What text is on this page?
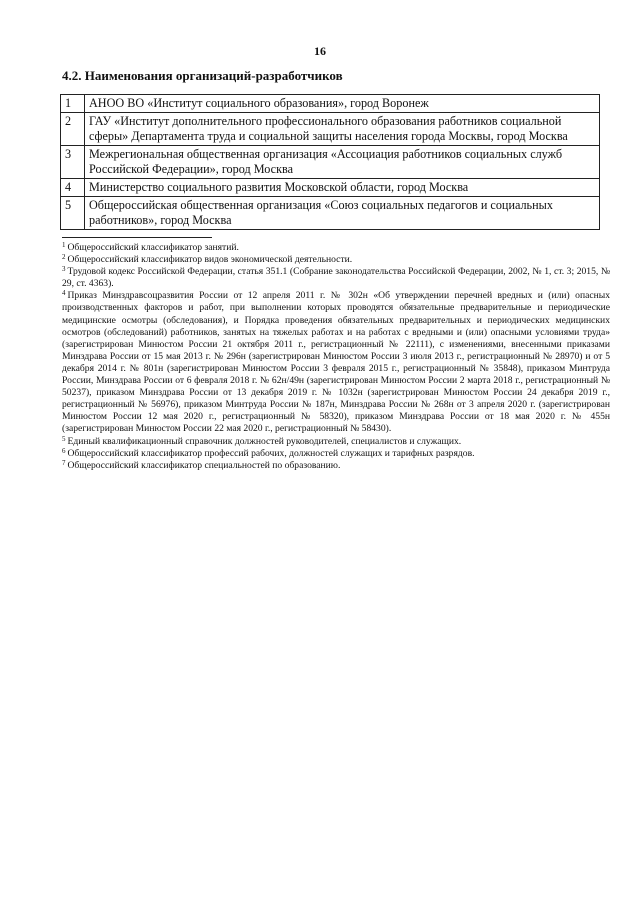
16
4.2. Наименования организаций-разработчиков
1	АНОО ВО «Институт социального образования», город Воронеж
2	ГАУ «Институт дополнительного профессионального образования работников социальной сферы» Департамента труда и социальной защиты населения города Москвы, город Москва
3	Межрегиональная общественная организация «Ассоциация работников социальных служб Российской Федерации», город Москва
4	Министерство социального развития Московской области, город Москва
5	Общероссийская общественная организация «Союз социальных педагогов и социальных работников», город Москва

$^1$ Общероссийский классификатор занятий.

$^2$ Общероссийский классификатор видов экономической деятельности.

$^3$ Трудовой кодекс Российской Федерации, статья 351.1 (Собрание законодательства Российской Федерации, 2002, № 1, ст. 3; 2015, № 29, ст. 4363).

$^4$ Приказ Минздравсоцразвития России от 12 апреля 2011 г. № 302н «Об утверждении перечней вредных и (или) опасных производственных факторов и работ, при выполнении которых проводятся обязательные предварительные и периодические медицинские осмотры (обследования), и Порядка проведения обязательных предварительных и периодических медицинских осмотров (обследований) работников, занятых на тяжелых работах и на работах с вредными и (или) опасными условиями труда» (зарегистрирован Минюстом России 21 октября 2011 г., регистрационный № 22111), с изменениями, внесенными приказами Минздрава России от 15 мая 2013 г. № 296н (зарегистрирован Минюстом России 3 июля 2013 г., регистрационный № 28970) и от 5 декабря 2014 г. № 801н (зарегистрирован Минюстом России 3 февраля 2015 г., регистрационный № 35848), приказом Минтруда России, Минздрава России от 6 февраля 2018 г. № 62н/49н (зарегистрирован Минюстом России 2 марта 2018 г., регистрационный № 50237), приказом Минздрава России от 13 декабря 2019 г. № 1032н (зарегистрирован Минюстом России 24 декабря 2019 г., регистрационный № 56976), приказом Минтруда России № 187н, Минздрава России № 268н от 3 апреля 2020 г. (зарегистрирован Минюстом России 12 мая 2020 г., регистрационный № 58320), приказом Минздрава России от 18 мая 2020 г. № 455н (зарегистрирован Минюстом России 22 мая 2020 г., регистрационный № 58430).

$^5$ Единый квалификационный справочник должностей руководителей, специалистов и служащих.

$^6$ Общероссийский классификатор профессий рабочих, должностей служащих и тарифных разрядов.

$^7$ Общероссийский классификатор специальностей по образованию.
